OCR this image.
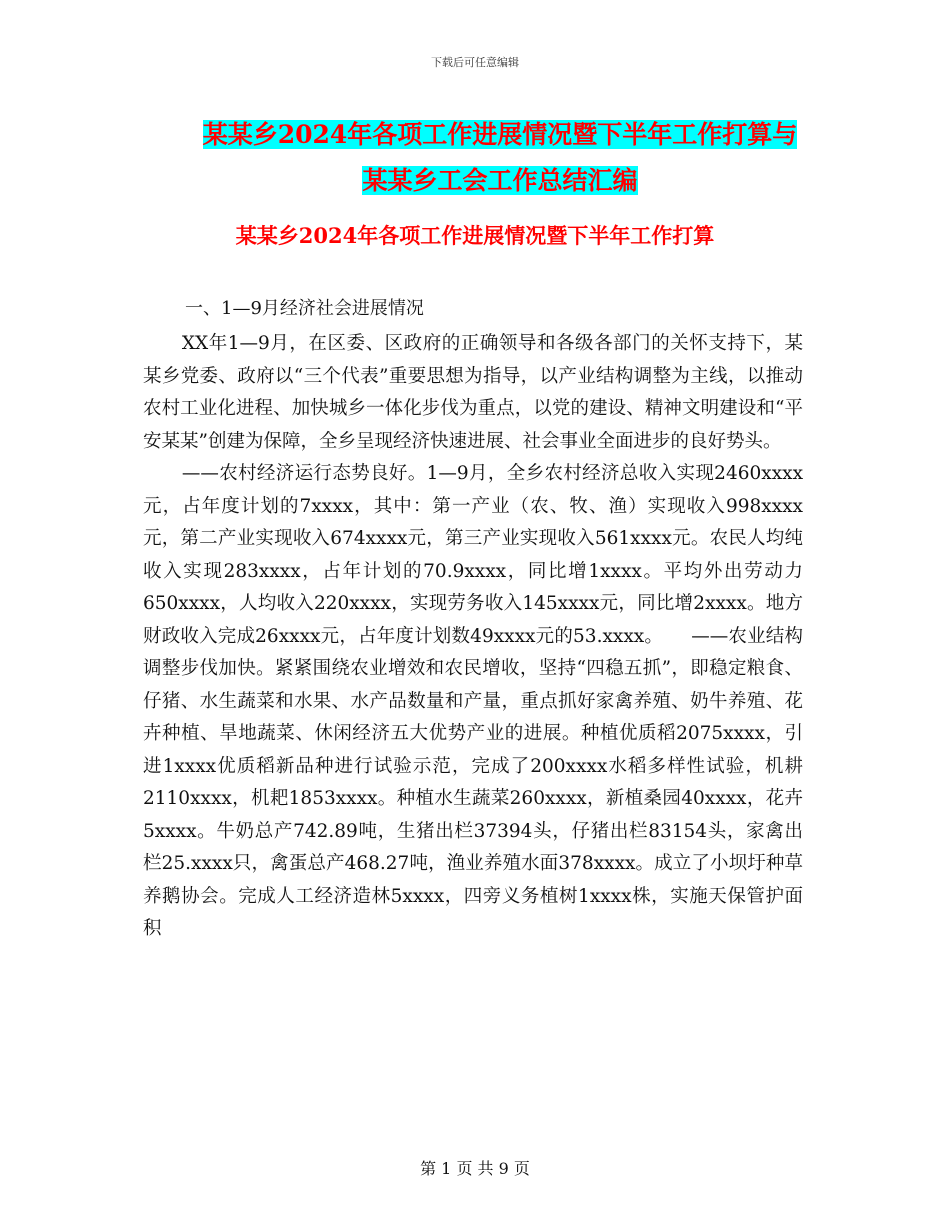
下载后可任意编辑
某某乡2024年各项工作进展情况暨下半年工作打算与
某某乡工会工作总结汇编
某某乡2024年各项工作进展情况暨下半年工作打算
一、1—9月经济社会进展情况

XX年1—9月，在区委、区政府的正确领导和各级各部门的关怀支持下，某某乡党委、政府以“三个代表”重要思想为指导，以产业结构调整为主线，以推动农村工业化进程、加快城乡一体化步伐为重点，以党的建设、精神文明建设和“平安某某”创建为保障，全乡呈现经济快速进展、社会事业全面进步的良好势头。

——农村经济运行态势良好。1—9月，全乡农村经济总收入实现2460xxxx元，占年度计划的7xxxx，其中：第一产业（农、牧、渔）实现收入998xxxx元，第二产业实现收入674xxxx元，第三产业实现收入561xxxx元。农民人均纯收入实现283xxxx，占年计划的70.9xxxx，同比增1xxxx。平均外出劳动力650xxxx，人均收入220xxxx，实现劳务收入145xxxx元，同比增2xxxx。地方财政收入完成26xxxx元，占年度计划数49xxxx元的53.xxxx。　　——农业结构调整步伐加快。紧紧围绕农业增效和农民增收，坚持“四稳五抓”，即稳定粮食、仔猪、水生蔬菜和水果、水产品数量和产量，重点抓好家禽养殖、奶牛养殖、花卉种植、旱地蔬菜、休闲经济五大优势产业的进展。种植优质稻2075xxxx，引进1xxxx优质稻新品种进行试验示范，完成了200xxxx水稻多样性试验，机耕2110xxxx，机耙1853xxxx。种植水生蔬菜260xxxx，新植桑园40xxxx，花卉5xxxx。牛奶总产742.89吨，生猪出栏37394头，仔猪出栏83154头，家禽出栏25.xxxx只，禽蛋总产468.27吨，渔业养殖水面378xxxx。成立了小坝圩种草养鹅协会。完成人工经济造林5xxxx，四旁义务植树1xxxx株，实施天保管护面积

第 1 页 共 9 页
